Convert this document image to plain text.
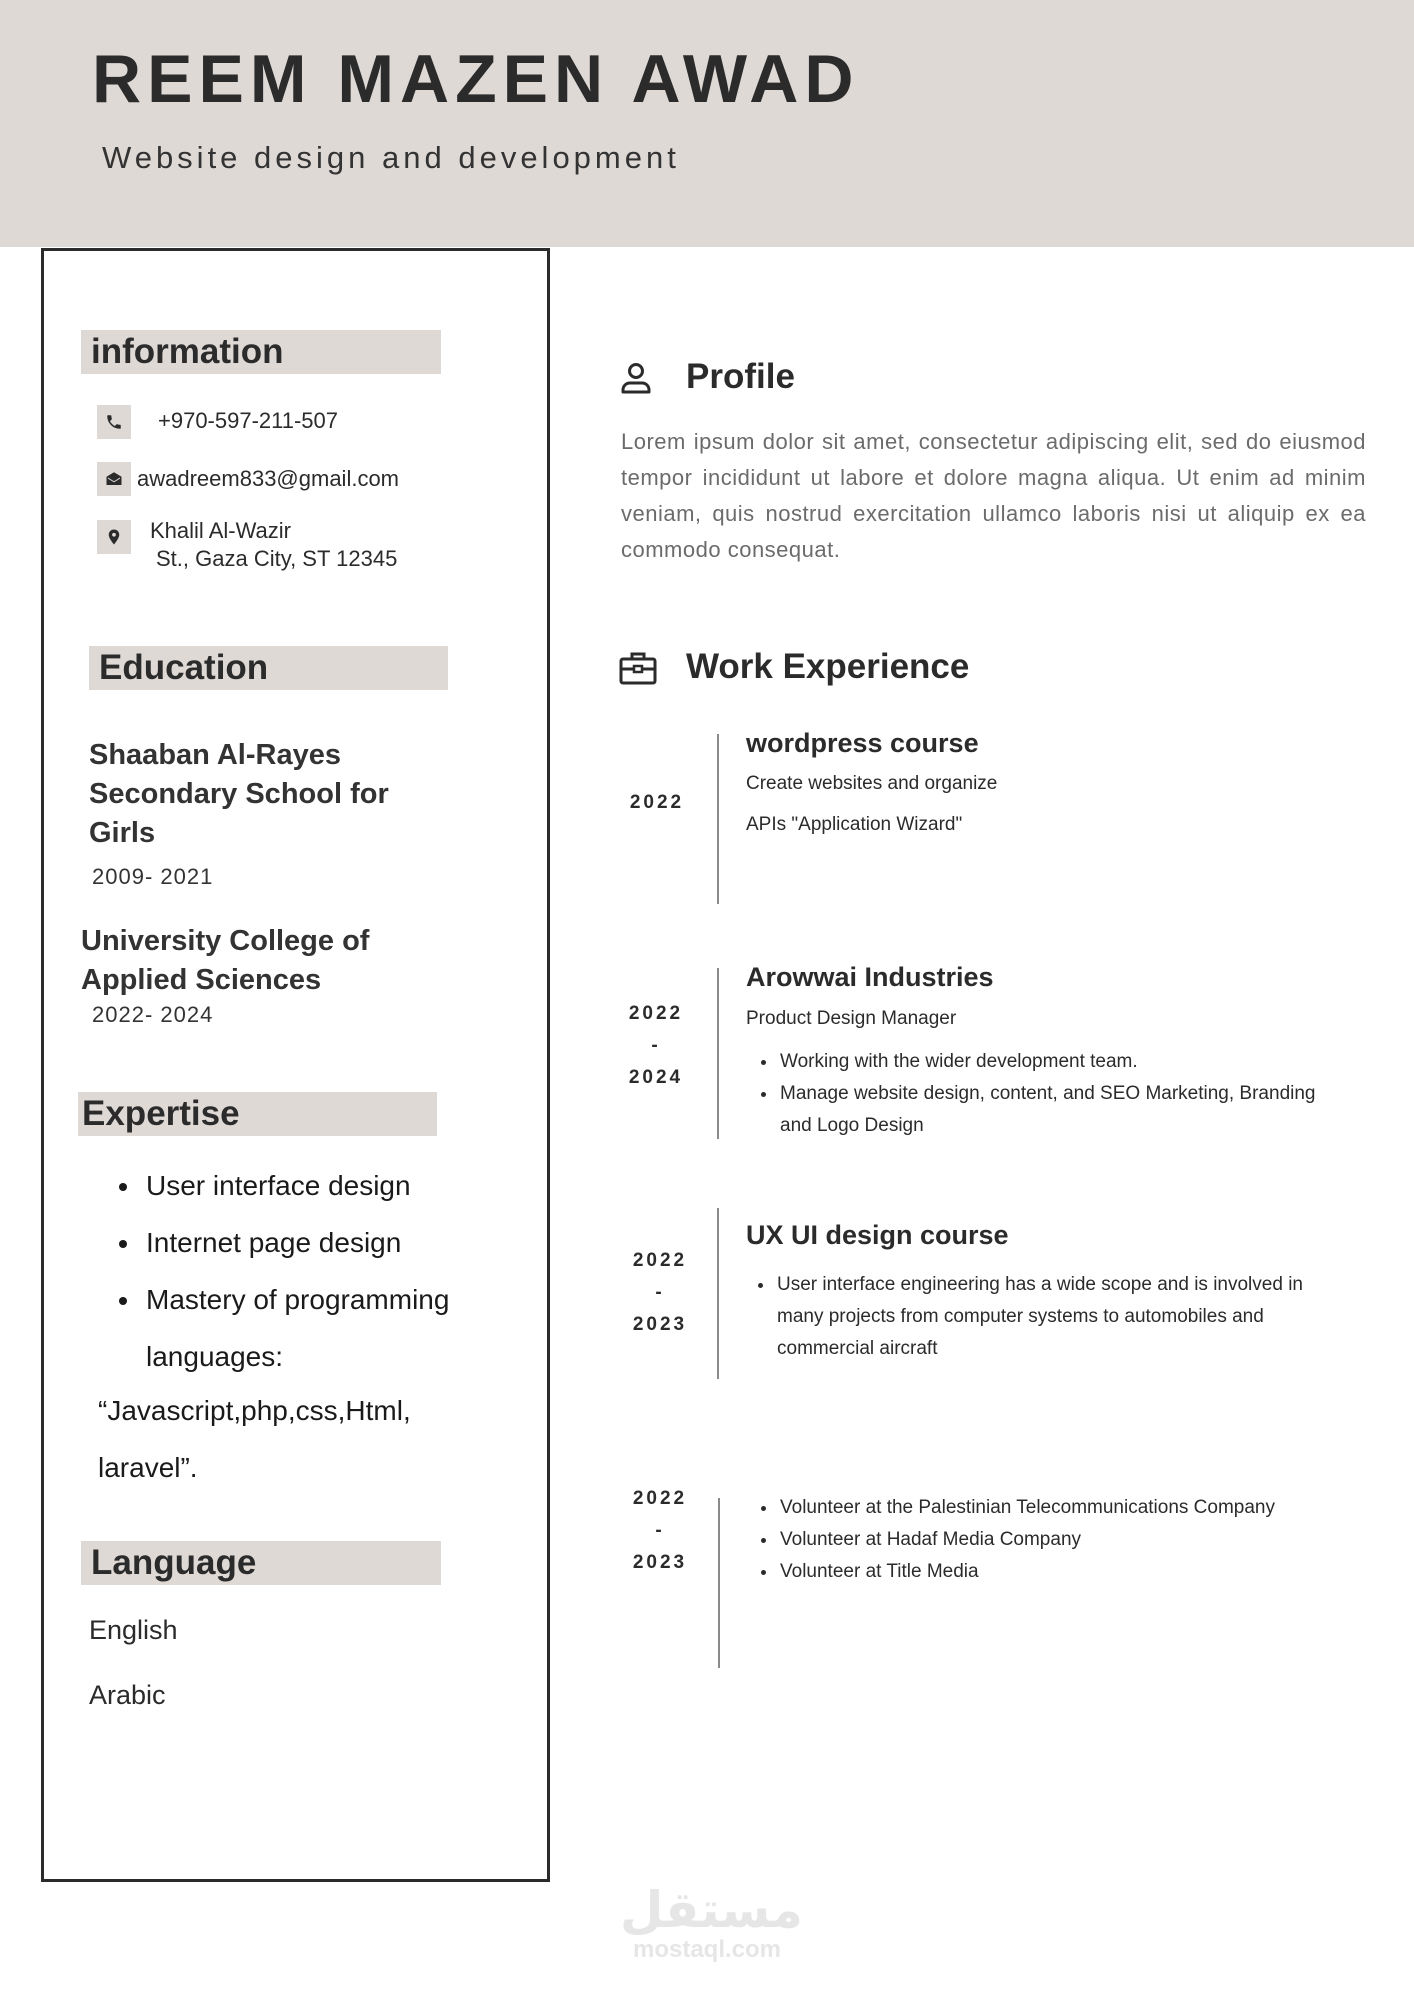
REEM MAZEN AWAD
Website design and development
information
+970-597-211-507
awadreem833@gmail.com
Khalil Al-Wazir
St., Gaza City, ST 12345
Education
Shaaban Al-Rayes Secondary School for Girls
2009- 2021
University College of Applied Sciences
2022- 2024
Expertise
• User interface design
• Internet page design
• Mastery of programming languages:
“Javascript,php,css,Html,
laravel”.
Language
English
Arabic
Profile
Lorem ipsum dolor sit amet, consectetur adipiscing elit, sed do eiusmod tempor incididunt ut labore et dolore magna aliqua. Ut enim ad minim veniam, quis nostrud exercitation ullamco laboris nisi ut aliquip ex ea commodo consequat.
Work Experience
2022
wordpress course
Create websites and organize
APIs "Application Wizard"
2022
-
2024
Arowwai Industries
Product Design Manager
• Working with the wider development team.
• Manage website design, content, and SEO Marketing, Branding and Logo Design
2022
-
2023
UX UI design course
• User interface engineering has a wide scope and is involved in many projects from computer systems to automobiles and commercial aircraft
2022
-
2023
• Volunteer at the Palestinian Telecommunications Company
• Volunteer at Hadaf Media Company
• Volunteer at Title Media
مستقل
mostaql.com
